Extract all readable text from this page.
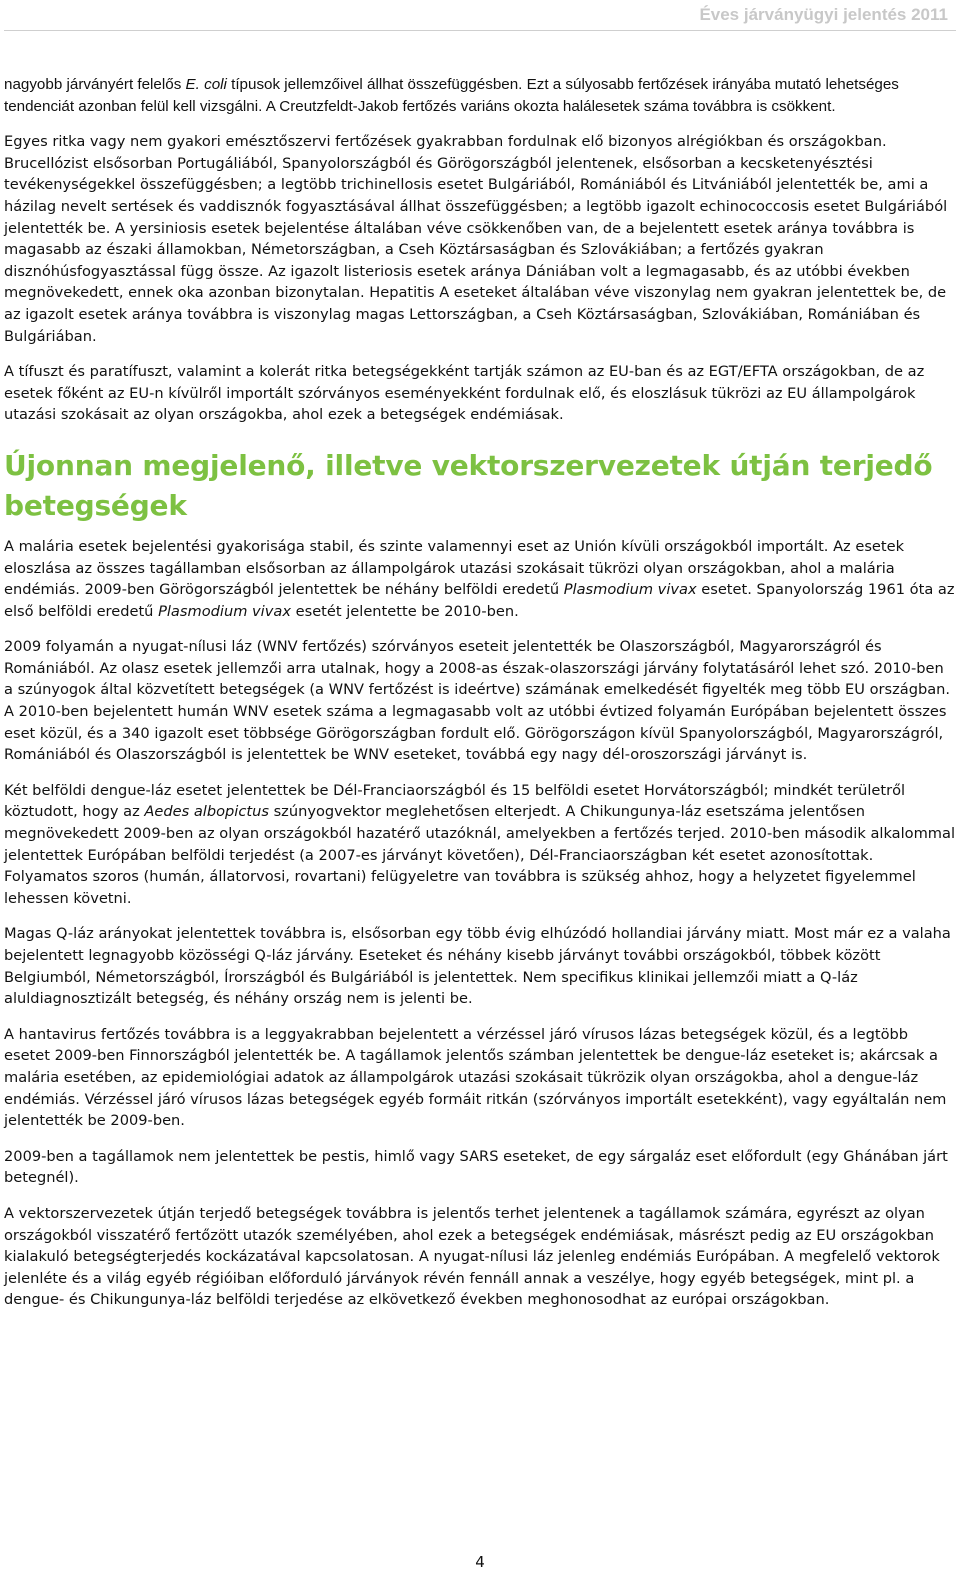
Éves járványügyi jelentés 2011

nagyobb járványért felelős E. coli típusok jellemzőivel állhat összefüggésben. Ezt a súlyosabb fertőzések irányába mutató lehetséges tendenciát azonban felül kell vizsgálni. A Creutzfeldt-Jakob fertőzés variáns okozta halálesetek száma továbbra is csökkent.

Egyes ritka vagy nem gyakori emésztőszervi fertőzések gyakrabban fordulnak elő bizonyos alrégiókban és országokban. Brucellózist elsősorban Portugáliából, Spanyolországból és Görögországból jelentenek, elsősorban a kecsketenyésztési tevékenységekkel összefüggésben; a legtöbb trichinellosis esetet Bulgáriából, Romániából és Litvániából jelentették be, ami a házilag nevelt sertések és vaddisznók fogyasztásával állhat összefüggésben; a legtöbb igazolt echinococcosis esetet Bulgáriából jelentették be. A yersiniosis esetek bejelentése általában véve csökkenőben van, de a bejelentett esetek aránya továbbra is magasabb az északi államokban, Németországban, a Cseh Köztársaságban és Szlovákiában; a fertőzés gyakran disznóhúsfogyasztással függ össze. Az igazolt listeriosis esetek aránya Dániában volt a legmagasabb, és az utóbbi években megnövekedett, ennek oka azonban bizonytalan. Hepatitis A eseteket általában véve viszonylag nem gyakran jelentettek be, de az igazolt esetek aránya továbbra is viszonylag magas Lettországban, a Cseh Köztársaságban, Szlovákiában, Romániában és Bulgáriában.

A tífuszt és paratífuszt, valamint a kolerát ritka betegségekként tartják számon az EU-ban és az EGT/EFTA országokban, de az esetek főként az EU-n kívülről importált szórványos eseményekként fordulnak elő, és eloszlásuk tükrözi az EU állampolgárok utazási szokásait az olyan országokba, ahol ezek a betegségek endémiásak.

Újonnan megjelenő, illetve vektorszervezetek útján terjedő betegségek

A malária esetek bejelentési gyakorisága stabil, és szinte valamennyi eset az Unión kívüli országokból importált. Az esetek eloszlása az összes tagállamban elsősorban az állampolgárok utazási szokásait tükrözi olyan országokban, ahol a malária endémiás. 2009-ben Görögországból jelentettek be néhány belföldi eredetű Plasmodium vivax esetet. Spanyolország 1961 óta az első belföldi eredetű Plasmodium vivax esetét jelentette be 2010-ben.

2009 folyamán a nyugat-nílusi láz (WNV fertőzés) szórványos eseteit jelentették be Olaszországból, Magyarországról és Romániából. Az olasz esetek jellemzői arra utalnak, hogy a 2008-as észak-olaszországi járvány folytatásáról lehet szó. 2010-ben a szúnyogok által közvetített betegségek (a WNV fertőzést is ideértve) számának emelkedését figyelték meg több EU országban. A 2010-ben bejelentett humán WNV esetek száma a legmagasabb volt az utóbbi évtized folyamán Európában bejelentett összes eset közül, és a 340 igazolt eset többsége Görögországban fordult elő. Görögországon kívül Spanyolországból, Magyarországról, Romániából és Olaszországból is jelentettek be WNV eseteket, továbbá egy nagy dél-oroszországi járványt is.

Két belföldi dengue-láz esetet jelentettek be Dél-Franciaországból és 15 belföldi esetet Horvátországból; mindkét területről köztudott, hogy az Aedes albopictus szúnyogvektor meglehetősen elterjedt. A Chikungunya-láz esetszáma jelentősen megnövekedett 2009-ben az olyan országokból hazatérő utazóknál, amelyekben a fertőzés terjed. 2010-ben második alkalommal jelentettek Európában belföldi terjedést (a 2007-es járványt követően), Dél-Franciaországban két esetet azonosítottak. Folyamatos szoros (humán, állatorvosi, rovartani) felügyeletre van továbbra is szükség ahhoz, hogy a helyzetet figyelemmel lehessen követni.

Magas Q-láz arányokat jelentettek továbbra is, elsősorban egy több évig elhúzódó hollandiai járvány miatt. Most már ez a valaha bejelentett legnagyobb közösségi Q-láz járvány. Eseteket és néhány kisebb járványt további országokból, többek között Belgiumból, Németországból, Írországból és Bulgáriából is jelentettek. Nem specifikus klinikai jellemzői miatt a Q-láz aluldiagnosztizált betegség, és néhány ország nem is jelenti be.

A hantavirus fertőzés továbbra is a leggyakrabban bejelentett a vérzéssel járó vírusos lázas betegségek közül, és a legtöbb esetet 2009-ben Finnországból jelentették be. A tagállamok jelentős számban jelentettek be dengue-láz eseteket is; akárcsak a malária esetében, az epidemiológiai adatok az állampolgárok utazási szokásait tükrözik olyan országokba, ahol a dengue-láz endémiás. Vérzéssel járó vírusos lázas betegségek egyéb formáit ritkán (szórványos importált esetekként), vagy egyáltalán nem jelentették be 2009-ben.

2009-ben a tagállamok nem jelentettek be pestis, himlő vagy SARS eseteket, de egy sárgaláz eset előfordult (egy Ghánában járt betegnél).

A vektorszervezetek útján terjedő betegségek továbbra is jelentős terhet jelentenek a tagállamok számára, egyrészt az olyan országokból visszatérő fertőzött utazók személyében, ahol ezek a betegségek endémiásak, másrészt pedig az EU országokban kialakuló betegségterjedés kockázatával kapcsolatosan. A nyugat-nílusi láz jelenleg endémiás Európában. A megfelelő vektorok jelenléte és a világ egyéb régióiban előforduló járványok révén fennáll annak a veszélye, hogy egyéb betegségek, mint pl. a dengue- és Chikungunya-láz belföldi terjedése az elkövetkező években meghonosodhat az európai országokban.

4
